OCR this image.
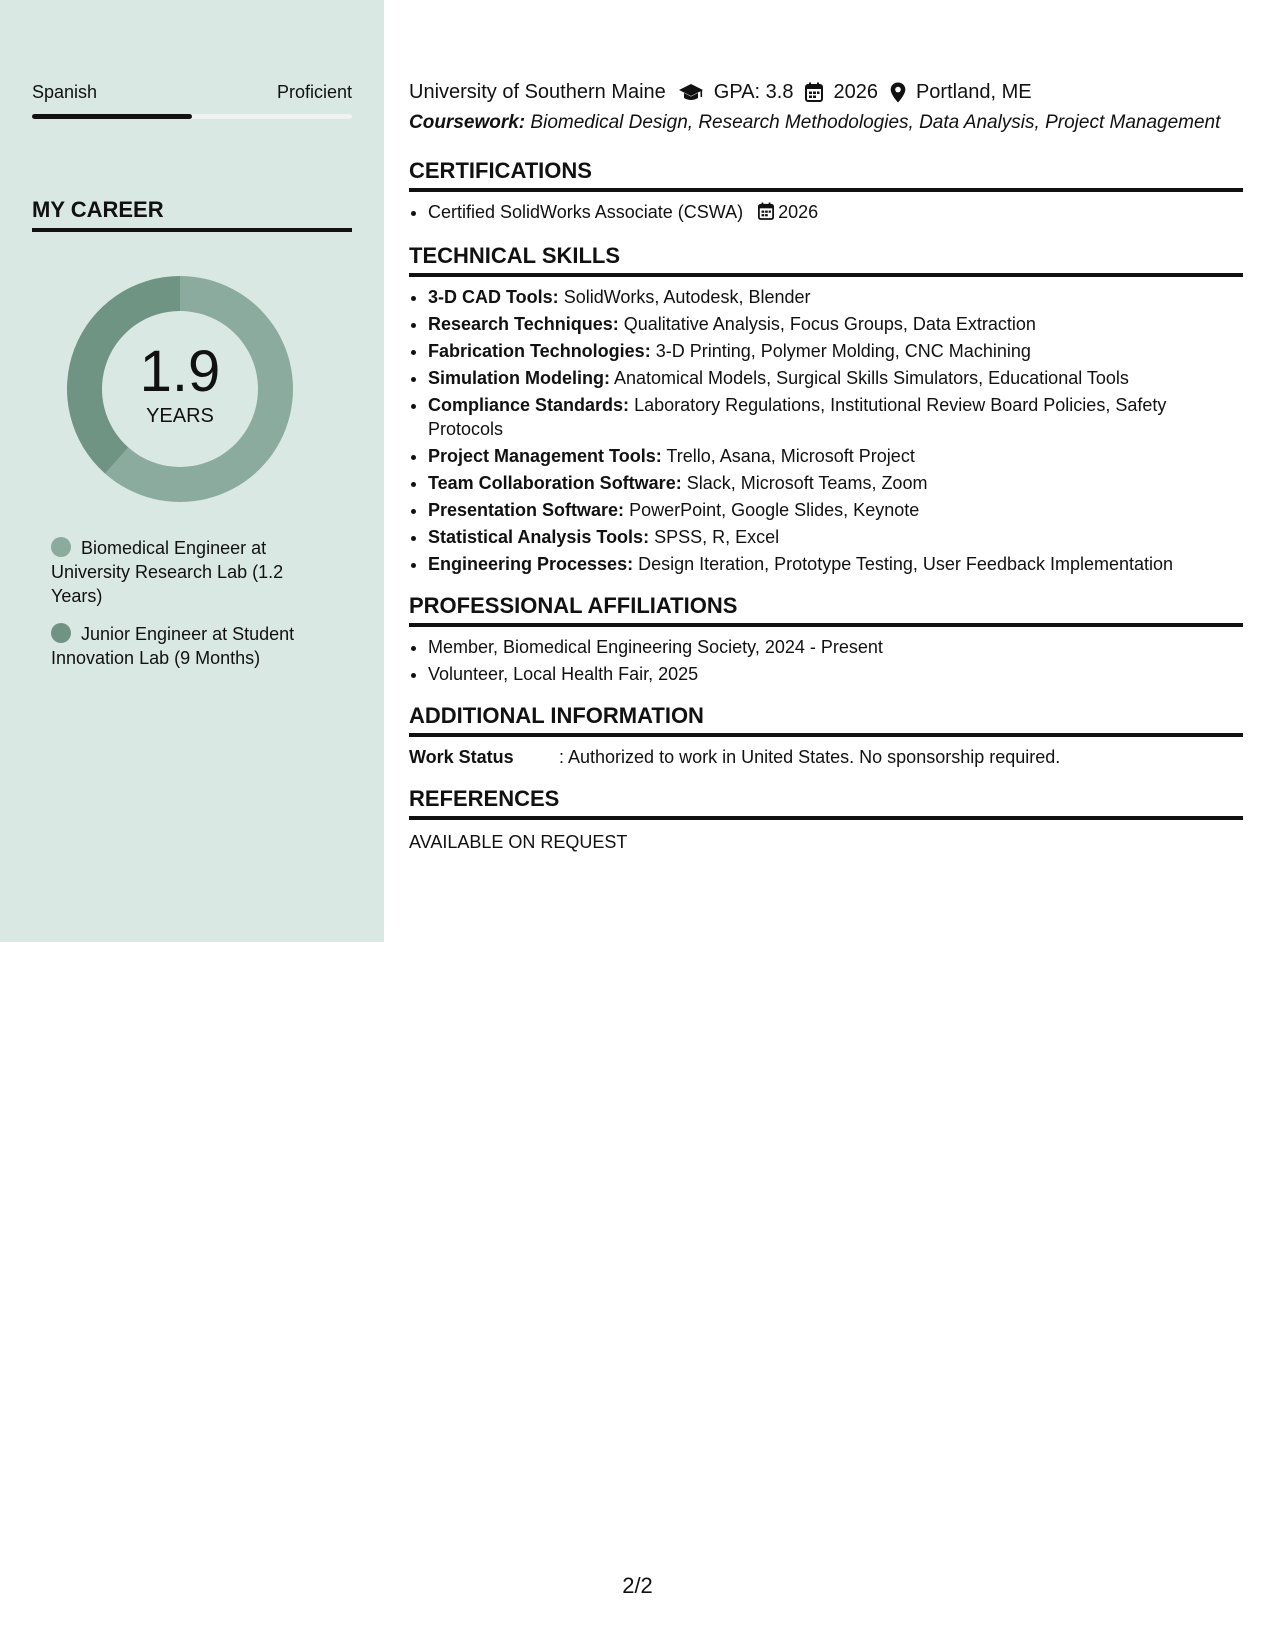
Spanish	Proficient
MY CAREER
1.9
YEARS
Biomedical Engineer at University Research Lab (1.2 Years)
Junior Engineer at Student Innovation Lab (9 Months)
University of Southern Maine GPA: 3.8 2026 Portland, ME
Coursework: Biomedical Design, Research Methodologies, Data Analysis, Project Management
CERTIFICATIONS
• Certified SolidWorks Associate (CSWA) 2026
TECHNICAL SKILLS
• 3-D CAD Tools: SolidWorks, Autodesk, Blender
• Research Techniques: Qualitative Analysis, Focus Groups, Data Extraction
• Fabrication Technologies: 3-D Printing, Polymer Molding, CNC Machining
• Simulation Modeling: Anatomical Models, Surgical Skills Simulators, Educational Tools
• Compliance Standards: Laboratory Regulations, Institutional Review Board Policies, Safety Protocols
• Project Management Tools: Trello, Asana, Microsoft Project
• Team Collaboration Software: Slack, Microsoft Teams, Zoom
• Presentation Software: PowerPoint, Google Slides, Keynote
• Statistical Analysis Tools: SPSS, R, Excel
• Engineering Processes: Design Iteration, Prototype Testing, User Feedback Implementation
PROFESSIONAL AFFILIATIONS
• Member, Biomedical Engineering Society, 2024 - Present
• Volunteer, Local Health Fair, 2025
ADDITIONAL INFORMATION
Work Status	: Authorized to work in United States. No sponsorship required.
REFERENCES
AVAILABLE ON REQUEST
2/2
